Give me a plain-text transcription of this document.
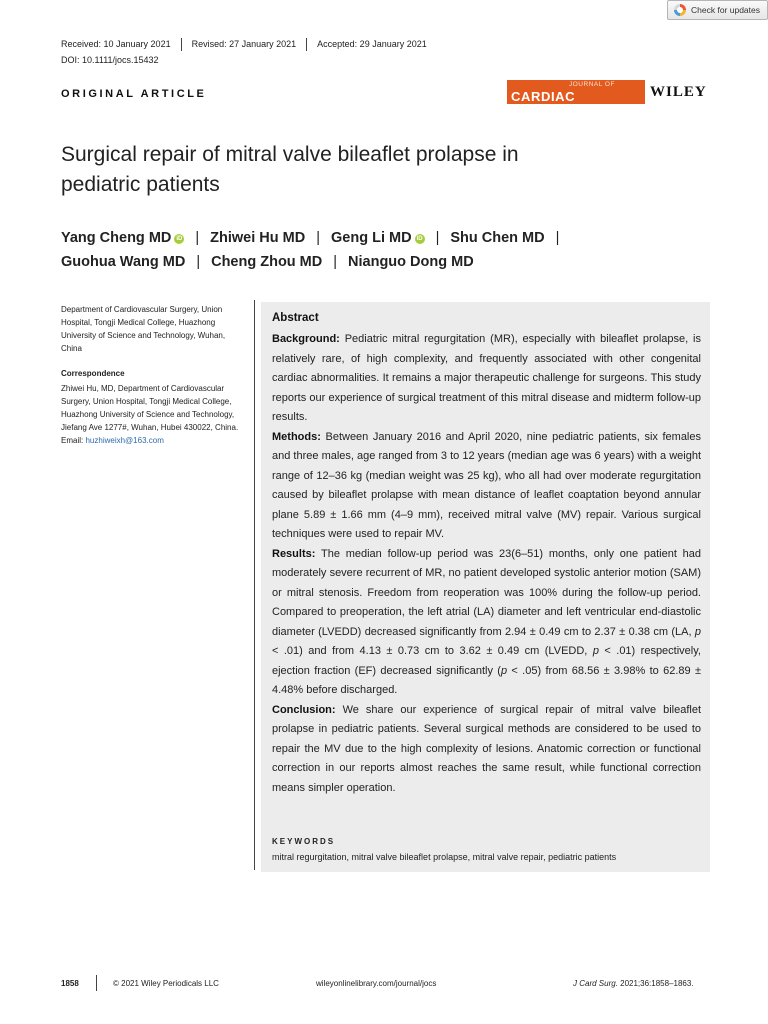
Check for updates
Received: 10 January 2021	Revised: 27 January 2021	Accepted: 29 January 2021
DOI: 10.1111/jocs.15432
ORIGINAL ARTICLE
JOURNAL OF
CARDIAC SURGERY
WILEY
Surgical repair of mitral valve bileaflet prolapse in
pediatric patients
Yang Cheng MD iD | Zhiwei Hu MD | Geng Li MD iD | Shu Chen MD |
Guohua Wang MD | Cheng Zhou MD | Nianguo Dong MD
Department of Cardiovascular Surgery, Union Hospital, Tongji Medical College, Huazhong University of Science and Technology, Wuhan, China
Correspondence
Zhiwei Hu, MD, Department of Cardiovascular Surgery, Union Hospital, Tongji Medical College, Huazhong University of Science and Technology, Jiefang Ave 1277#, Wuhan, Hubei 430022, China. Email: huzhiweixh@163.com
Abstract

Background: Pediatric mitral regurgitation (MR), especially with bileaflet prolapse, is relatively rare, of high complexity, and frequently associated with other congenital cardiac abnormalities. It remains a major therapeutic challenge for surgeons. This study reports our experience of surgical treatment of this mitral disease and midterm follow-up results.

Methods: Between January 2016 and April 2020, nine pediatric patients, six females and three males, age ranged from 3 to 12 years (median age was 6 years) with a weight range of 12–36 kg (median weight was 25 kg), who all had over moderate regurgitation caused by bileaflet prolapse with mean distance of leaflet coaptation beyond annular plane 5.89 ± 1.66 mm (4–9 mm), received mitral valve (MV) repair. Various surgical techniques were used to repair MV.

Results: The median follow-up period was 23(6–51) months, only one patient had moderately severe recurrent of MR, no patient developed systolic anterior motion (SAM) or mitral stenosis. Freedom from reoperation was 100% during the follow-up period. Compared to preoperation, the left atrial (LA) diameter and left ventricular end-diastolic diameter (LVEDD) decreased significantly from 2.94 ± 0.49 cm to 2.37 ± 0.38 cm (LA, p < .01) and from 4.13 ± 0.73 cm to 3.62 ± 0.49 cm (LVEDD, p < .01) respectively, ejection fraction (EF) decreased significantly (p < .05) from 68.56 ± 3.98% to 62.89 ± 4.48% before discharged.

Conclusion: We share our experience of surgical repair of mitral valve bileaflet prolapse in pediatric patients. Several surgical methods are considered to be used to repair the MV due to the high complexity of lesions. Anatomic correction or functional correction in our reports almost reaches the same result, while functional correction means simpler operation.

KEYWORDS
mitral regurgitation, mitral valve bileaflet prolapse, mitral valve repair, pediatric patients
1858	© 2021 Wiley Periodicals LLC	wileyonlinelibrary.com/journal/jocs	J Card Surg. 2021;36:1858–1863.
